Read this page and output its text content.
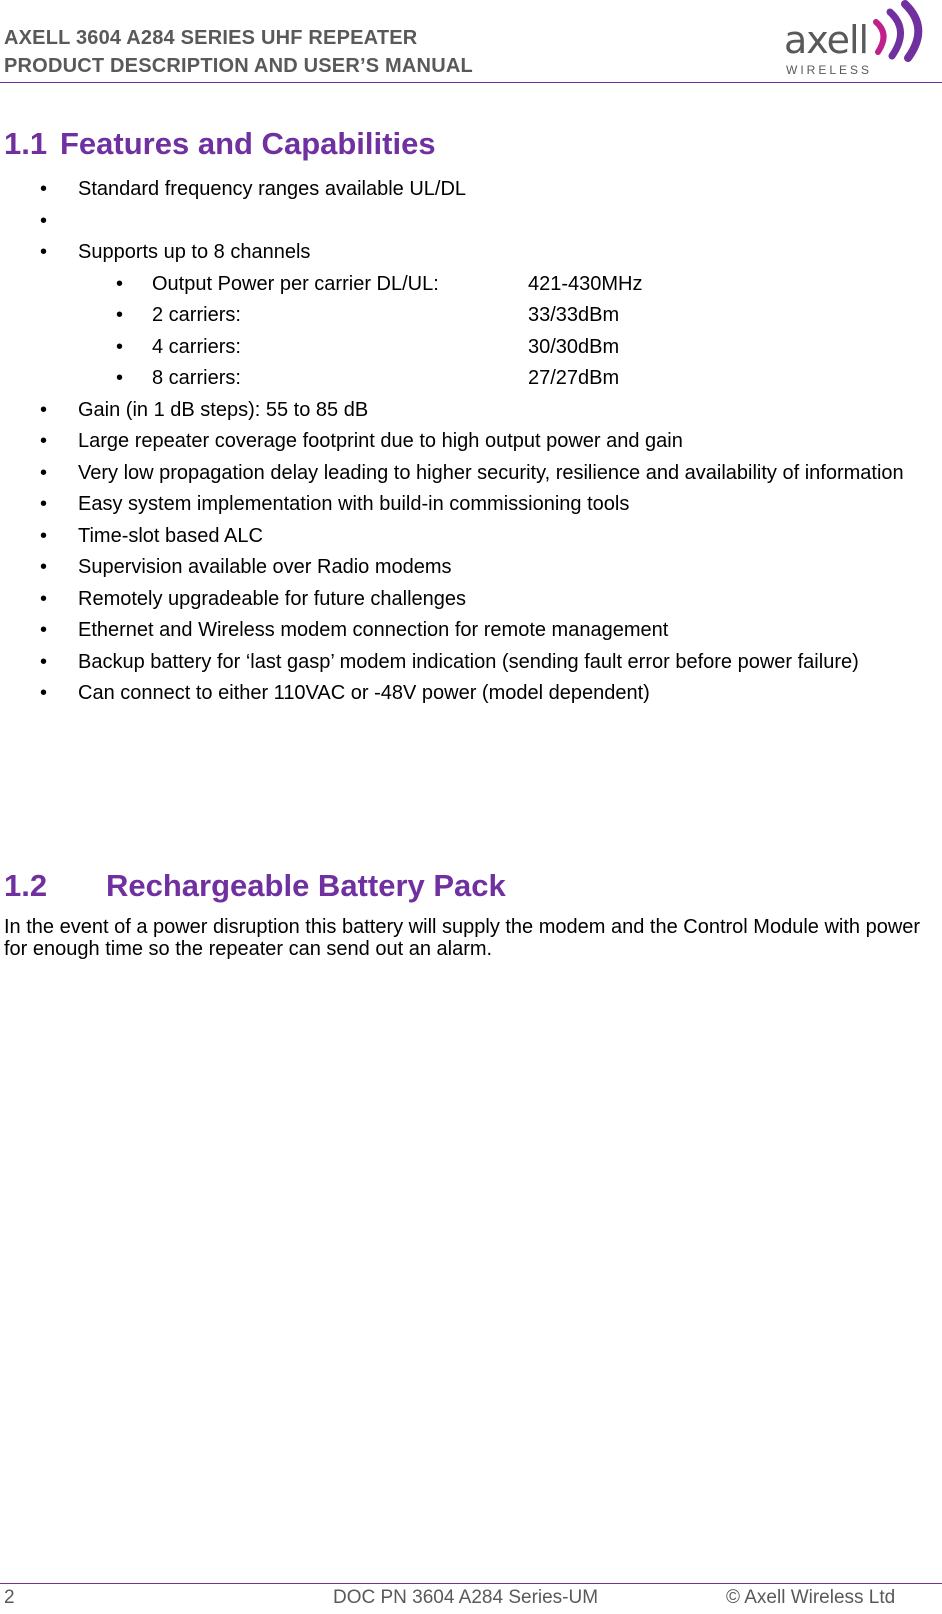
AXELL 3604 A284 SERIES UHF REPEATER
PRODUCT DESCRIPTION AND USER’S MANUAL
axell
WIRELESS
1.1 Features and Capabilities
• Standard frequency ranges available UL/DL
•

• Supports up to 8 channels
• Output Power per carrier DL/UL:	421-430MHz
• 2 carriers:	33/33dBm
• 4 carriers:	30/30dBm
• 8 carriers:	27/27dBm
• Gain (in 1 dB steps): 55 to 85 dB
• Large repeater coverage footprint due to high output power and gain
• Very low propagation delay leading to higher security, resilience and availability of information
• Easy system implementation with build-in commissioning tools
• Time-slot based ALC
• Supervision available over Radio modems
• Remotely upgradeable for future challenges
• Ethernet and Wireless modem connection for remote management
• Backup battery for ‘last gasp’ modem indication (sending fault error before power failure)
• Can connect to either 110VAC or -48V power (model dependent)
1.2 Rechargeable Battery Pack
In the event of a power disruption this battery will supply the modem and the Control Module with power for enough time so the repeater can send out an alarm.
2	DOC PN 3604 A284 Series-UM	© Axell Wireless Ltd
